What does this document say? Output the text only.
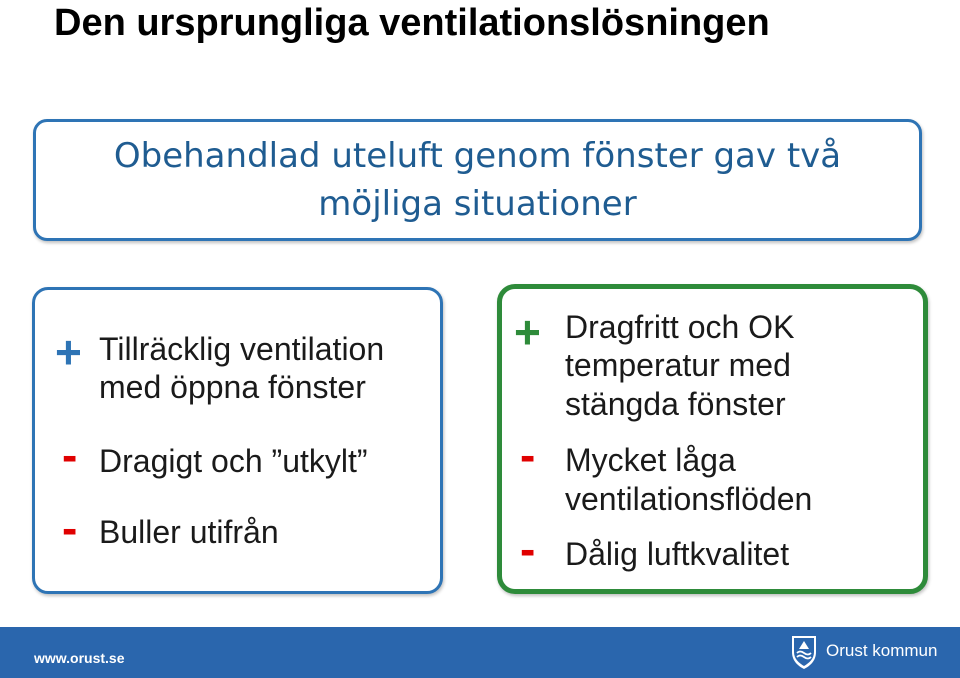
Den ursprungliga ventilationslösningen
Obehandlad uteluft genom fönster gav två
möjliga situationer
+ Tillräcklig ventilation
med öppna fönster
- Dragigt och ”utkylt”
- Buller utifrån
+ Dragfritt och OK
temperatur med
stängda fönster
- Mycket låga
ventilationsflöden
- Dålig luftkvalitet
www.orust.se	Orust kommun
